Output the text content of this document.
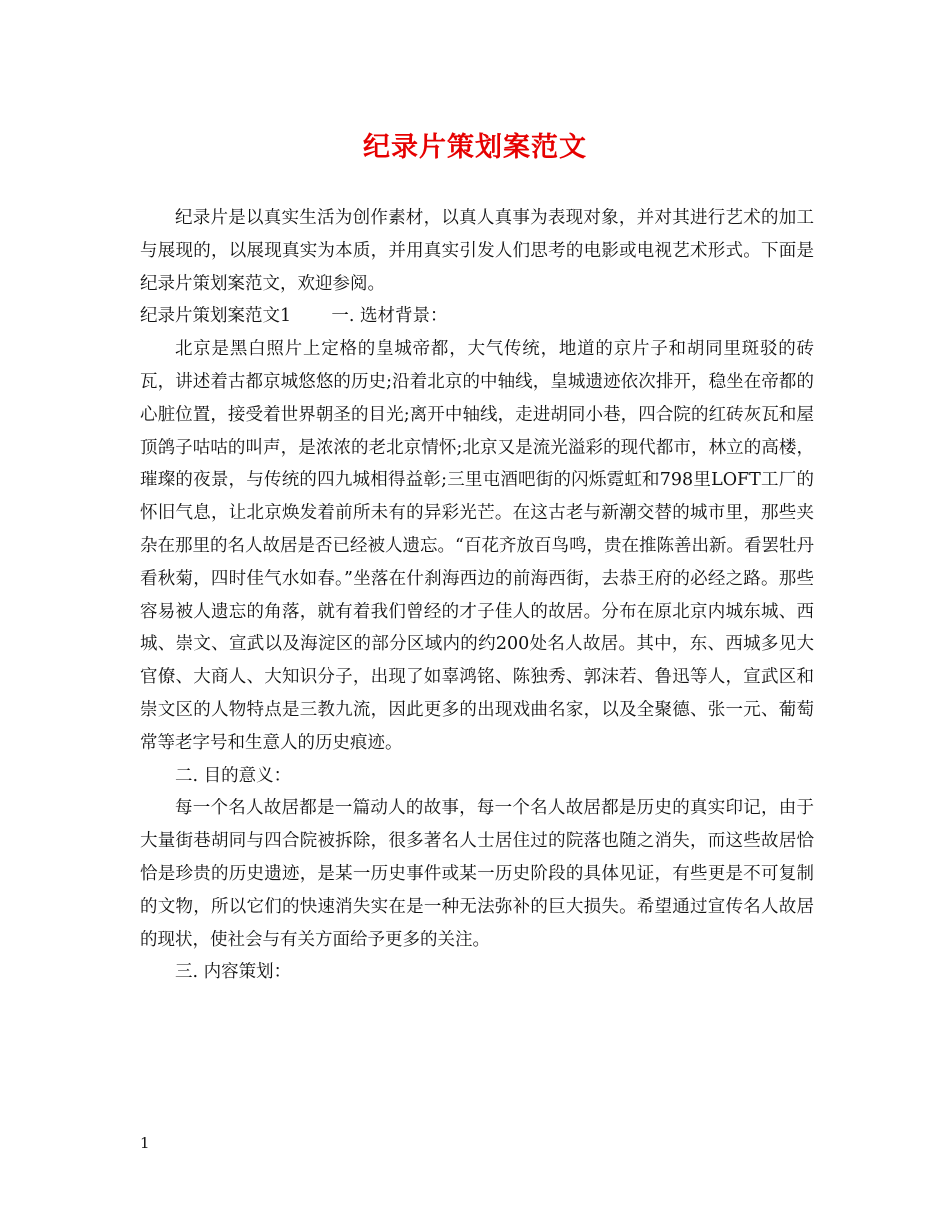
纪录片策划案范文

纪录片是以真实生活为创作素材，以真人真事为表现对象，并对其进行艺术的加工与展现的，以展现真实为本质，并用真实引发人们思考的电影或电视艺术形式。下面是纪录片策划案范文，欢迎参阅。

纪录片策划案范文1 一. 选材背景：

北京是黑白照片上定格的皇城帝都，大气传统，地道的京片子和胡同里斑驳的砖瓦，讲述着古都京城悠悠的历史;沿着北京的中轴线，皇城遗迹依次排开，稳坐在帝都的心脏位置，接受着世界朝圣的目光;离开中轴线，走进胡同小巷，四合院的红砖灰瓦和屋顶鸽子咕咕的叫声，是浓浓的老北京情怀;北京又是流光溢彩的现代都市，林立的高楼，璀璨的夜景，与传统的四九城相得益彰;三里屯酒吧街的闪烁霓虹和798里LOFT工厂的怀旧气息，让北京焕发着前所未有的异彩光芒。在这古老与新潮交替的城市里，那些夹杂在那里的名人故居是否已经被人遗忘。“百花齐放百鸟鸣，贵在推陈善出新。看罢牡丹看秋菊，四时佳气水如春。”坐落在什刹海西边的前海西街，去恭王府的必经之路。那些容易被人遗忘的角落，就有着我们曾经的才子佳人的故居。分布在原北京内城东城、西城、崇文、宣武以及海淀区的部分区域内的约200处名人故居。其中，东、西城多见大官僚、大商人、大知识分子，出现了如辜鸿铭、陈独秀、郭沫若、鲁迅等人，宣武区和崇文区的人物特点是三教九流，因此更多的出现戏曲名家，以及全聚德、张一元、葡萄常等老字号和生意人的历史痕迹。

二. 目的意义：

每一个名人故居都是一篇动人的故事，每一个名人故居都是历史的真实印记，由于大量街巷胡同与四合院被拆除，很多著名人士居住过的院落也随之消失，而这些故居恰恰是珍贵的历史遗迹，是某一历史事件或某一历史阶段的具体见证，有些更是不可复制的文物，所以它们的快速消失实在是一种无法弥补的巨大损失。希望通过宣传名人故居的现状，使社会与有关方面给予更多的关注。

三. 内容策划：

1
